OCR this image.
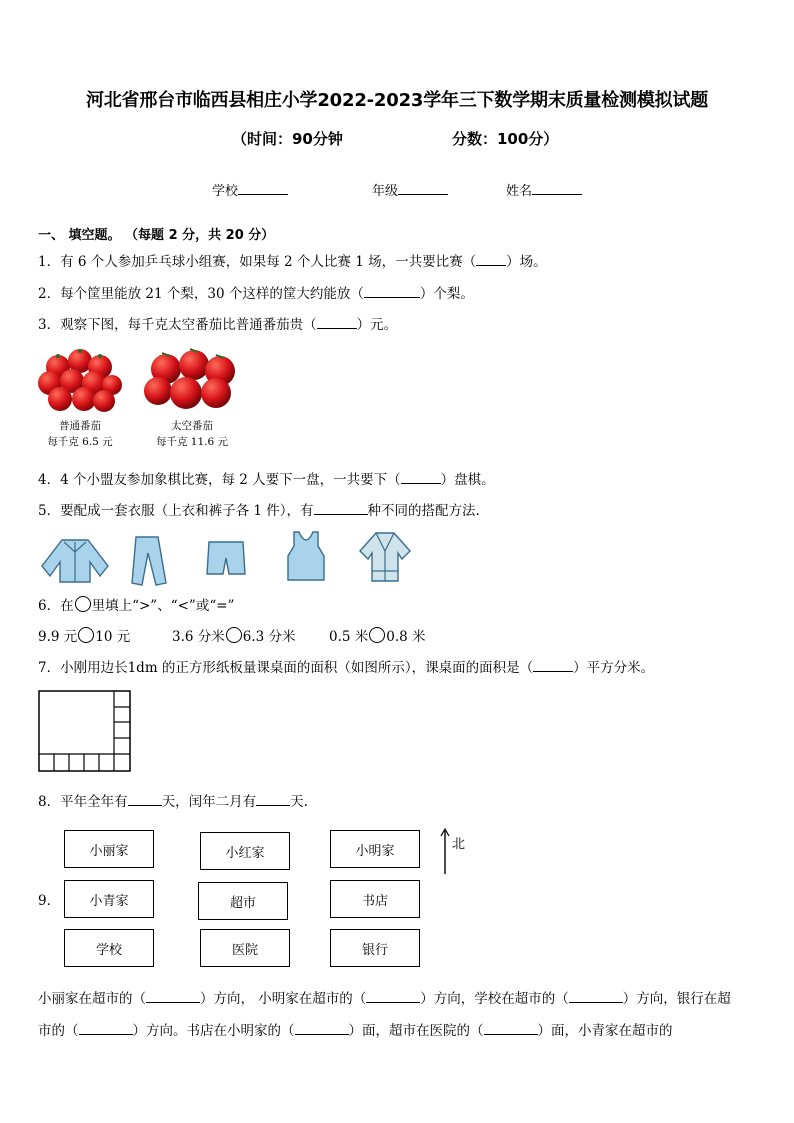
河北省邢台市临西县相庄小学2022-2023学年三下数学期末质量检测模拟试题
（时间：90分钟	分数：100分）
学校	年级	姓名
一、 填空题。 （每题 2 分，共 20 分）
1．有 6 个人参加乒乓球小组赛，如果每 2 个人比赛 1 场，一共要比赛（ ）场。
2．每个筐里能放 21 个梨，30 个这样的筐大约能放（	）个梨。
3．观察下图，每千克太空番茄比普通番茄贵（	）元。
普通番茄
每千克 6.5 元
太空番茄
每千克 11.6 元
4．4 个小盟友参加象棋比赛，每 2 人要下一盘，一共要下（	）盘棋。
5．要配成一套衣服（上衣和裤子各 1 件），有	种不同的搭配方法.
6．在 里填上“>”、“<”或“=”
9.9 元 10 元	3.6 分米 6.3 分米 0.5 米 0.8 米
7．小刚用边长1dm 的正方形纸板量课桌面的面积（如图所示），课桌面的面积是（	）平方分米。
8．平年全年有	天，闰年二月有	天.
9．
小丽家	小红家	小明家
小青家	超市	书店
学校	医院	银行
北
小丽家在超市的（	）方向， 小明家在超市的（	）方向，学校在超市的（	）方向，银行在超
市的（	）方向。书店在小明家的（	）面，超市在医院的（	）面，小青家在超市的
